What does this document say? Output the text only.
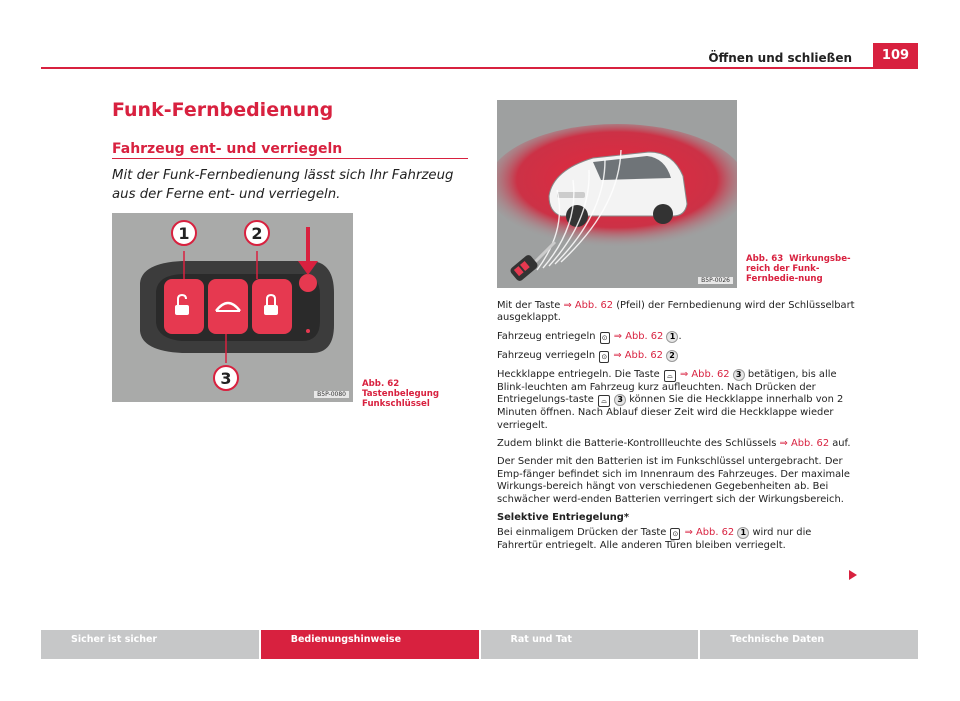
Öffnen und schließen	109
Funk-Fernbedienung
Fahrzeug ent- und verriegeln
Mit der Funk-Fernbedienung lässt sich Ihr Fahrzeug aus der Ferne ent- und verriegeln.
1	2
3
B5P-0080
Abb. 62  Tastenbelegung Funkschlüssel
B5P-0026
Abb. 63 Wirkungsbe-reich der Funk-Fernbedie-nung

Mit der Taste ⇒ Abb. 62 (Pfeil) der Fernbedienung wird der Schlüsselbart ausgeklappt.

Fahrzeug entriegeln ⊙ ⇒ Abb. 62 1 .

Fahrzeug verriegeln ⊙ ⇒ Abb. 62 2

Heckklappe entriegeln. Die Taste ⌓ ⇒ Abb. 62 3 betätigen, bis alle Blink-leuchten am Fahrzeug kurz aufleuchten. Nach Drücken der Entriegelungs-taste ⌓ 3 können Sie die Heckklappe innerhalb von 2 Minuten öffnen. Nach Ablauf dieser Zeit wird die Heckklappe wieder verriegelt.

Zudem blinkt die Batterie-Kontrollleuchte des Schlüssels ⇒ Abb. 62 auf.

Der Sender mit den Batterien ist im Funkschlüssel untergebracht. Der Emp-fänger befindet sich im Innenraum des Fahrzeuges. Der maximale Wirkungs-bereich hängt von verschiedenen Gegebenheiten ab. Bei schwächer werd-enden Batterien verringert sich der Wirkungsbereich.

Selektive Entriegelung*

Bei einmaligem Drücken der Taste ⊙ ⇒ Abb. 62 1 wird nur die Fahrertür entriegelt. Alle anderen Türen bleiben verriegelt.

Sicher ist sicher	Bedienungshinweise	Rat und Tat	Technische Daten
